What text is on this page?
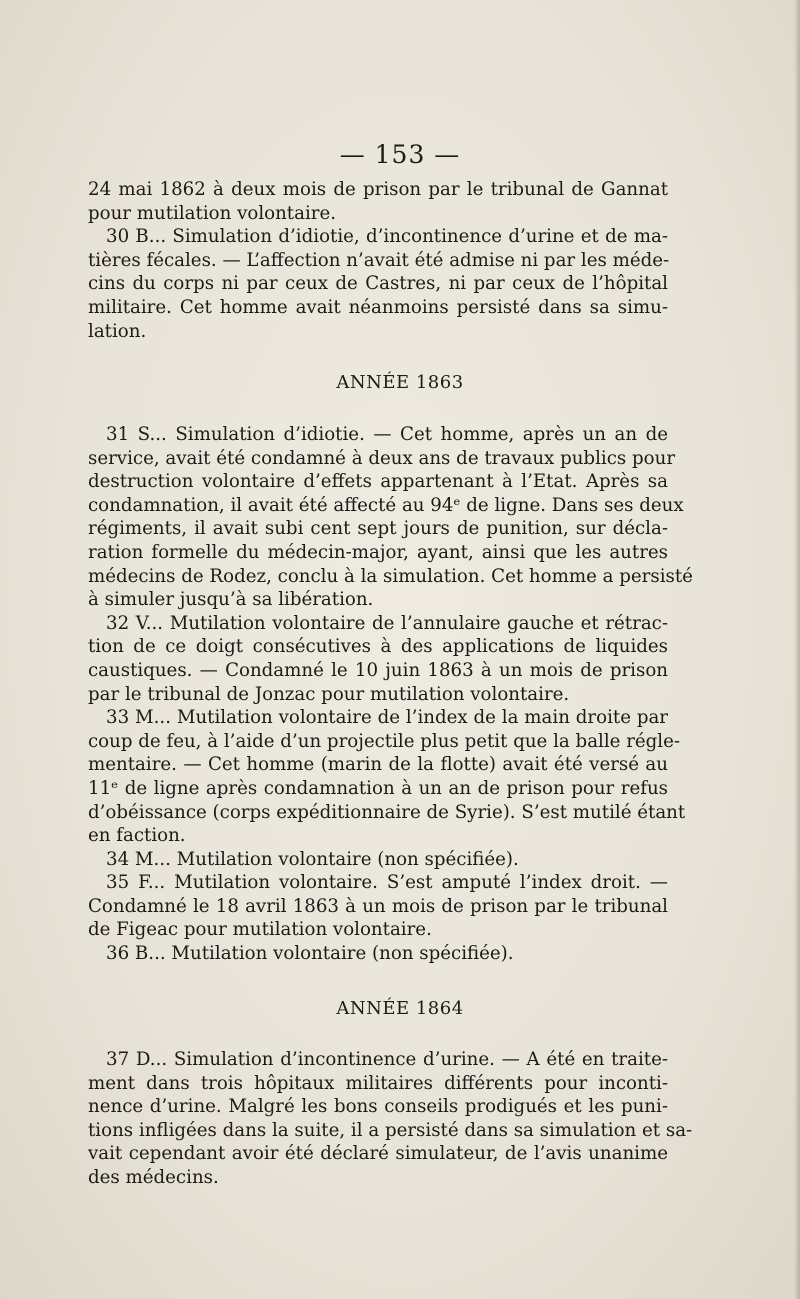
— 153 —
24 mai 1862 à deux mois de prison par le tribunal de Gannat
pour mutilation volontaire.
30 B... Simulation d’idiotie, d’incontinence d’urine et de ma-
tières fécales. — L’affection n’avait été admise ni par les méde-
cins du corps ni par ceux de Castres, ni par ceux de l’hôpital
militaire. Cet homme avait néanmoins persisté dans sa simu-
lation.
ANNÉE 1863
31 S... Simulation d’idiotie. — Cet homme, après un an de
service, avait été condamné à deux ans de travaux publics pour
destruction volontaire d’effets appartenant à l’Etat. Après sa
condamnation, il avait été affecté au 94ᵉ de ligne. Dans ses deux
régiments, il avait subi cent sept jours de punition, sur décla-
ration formelle du médecin-major, ayant, ainsi que les autres
médecins de Rodez, conclu à la simulation. Cet homme a persisté
à simuler jusqu’à sa libération.
32 V... Mutilation volontaire de l’annulaire gauche et rétrac-
tion de ce doigt consécutives à des applications de liquides
caustiques. — Condamné le 10 juin 1863 à un mois de prison
par le tribunal de Jonzac pour mutilation volontaire.
33 M... Mutilation volontaire de l’index de la main droite par
coup de feu, à l’aide d’un projectile plus petit que la balle régle-
mentaire. — Cet homme (marin de la flotte) avait été versé au
11ᵉ de ligne après condamnation à un an de prison pour refus
d’obéissance (corps expéditionnaire de Syrie). S’est mutilé étant
en faction.
34 M... Mutilation volontaire (non spécifiée).
35 F... Mutilation volontaire. S’est amputé l’index droit. —
Condamné le 18 avril 1863 à un mois de prison par le tribunal
de Figeac pour mutilation volontaire.
36 B... Mutilation volontaire (non spécifiée).
ANNÉE 1864
37 D... Simulation d’incontinence d’urine. — A été en traite-
ment dans trois hôpitaux militaires différents pour inconti-
nence d’urine. Malgré les bons conseils prodigués et les puni-
tions infligées dans la suite, il a persisté dans sa simulation et sa-
vait cependant avoir été déclaré simulateur, de l’avis unanime
des médecins.
